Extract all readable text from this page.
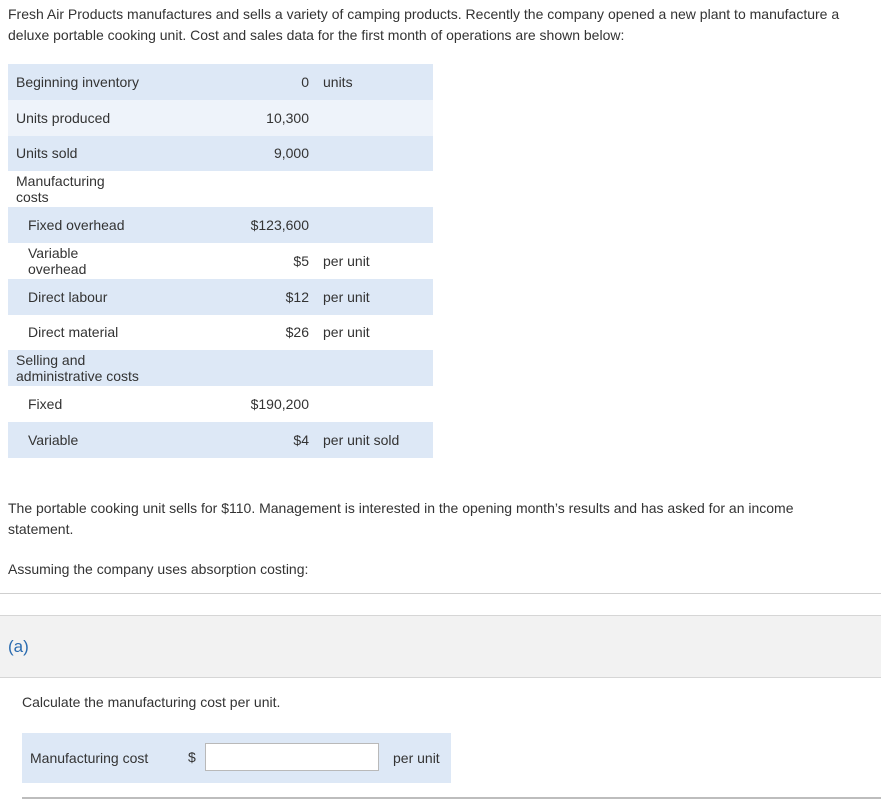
Fresh Air Products manufactures and sells a variety of camping products. Recently the company opened a new plant to manufacture a deluxe portable cooking unit. Cost and sales data for the first month of operations are shown below:
Beginning inventory	0	units
Units produced	10,300	
Units sold	9,000	
Manufacturing costs		
Fixed overhead	$123,600	
Variable overhead	$5	per unit
Direct labour	$12	per unit
Direct material	$26	per unit
Selling and administrative costs		
Fixed	$190,200	
Variable	$4	per unit sold
The portable cooking unit sells for $110. Management is interested in the opening month’s results and has asked for an income statement.
Assuming the company uses absorption costing:
(a)
Calculate the manufacturing cost per unit.
Manufacturing cost	$	per unit
